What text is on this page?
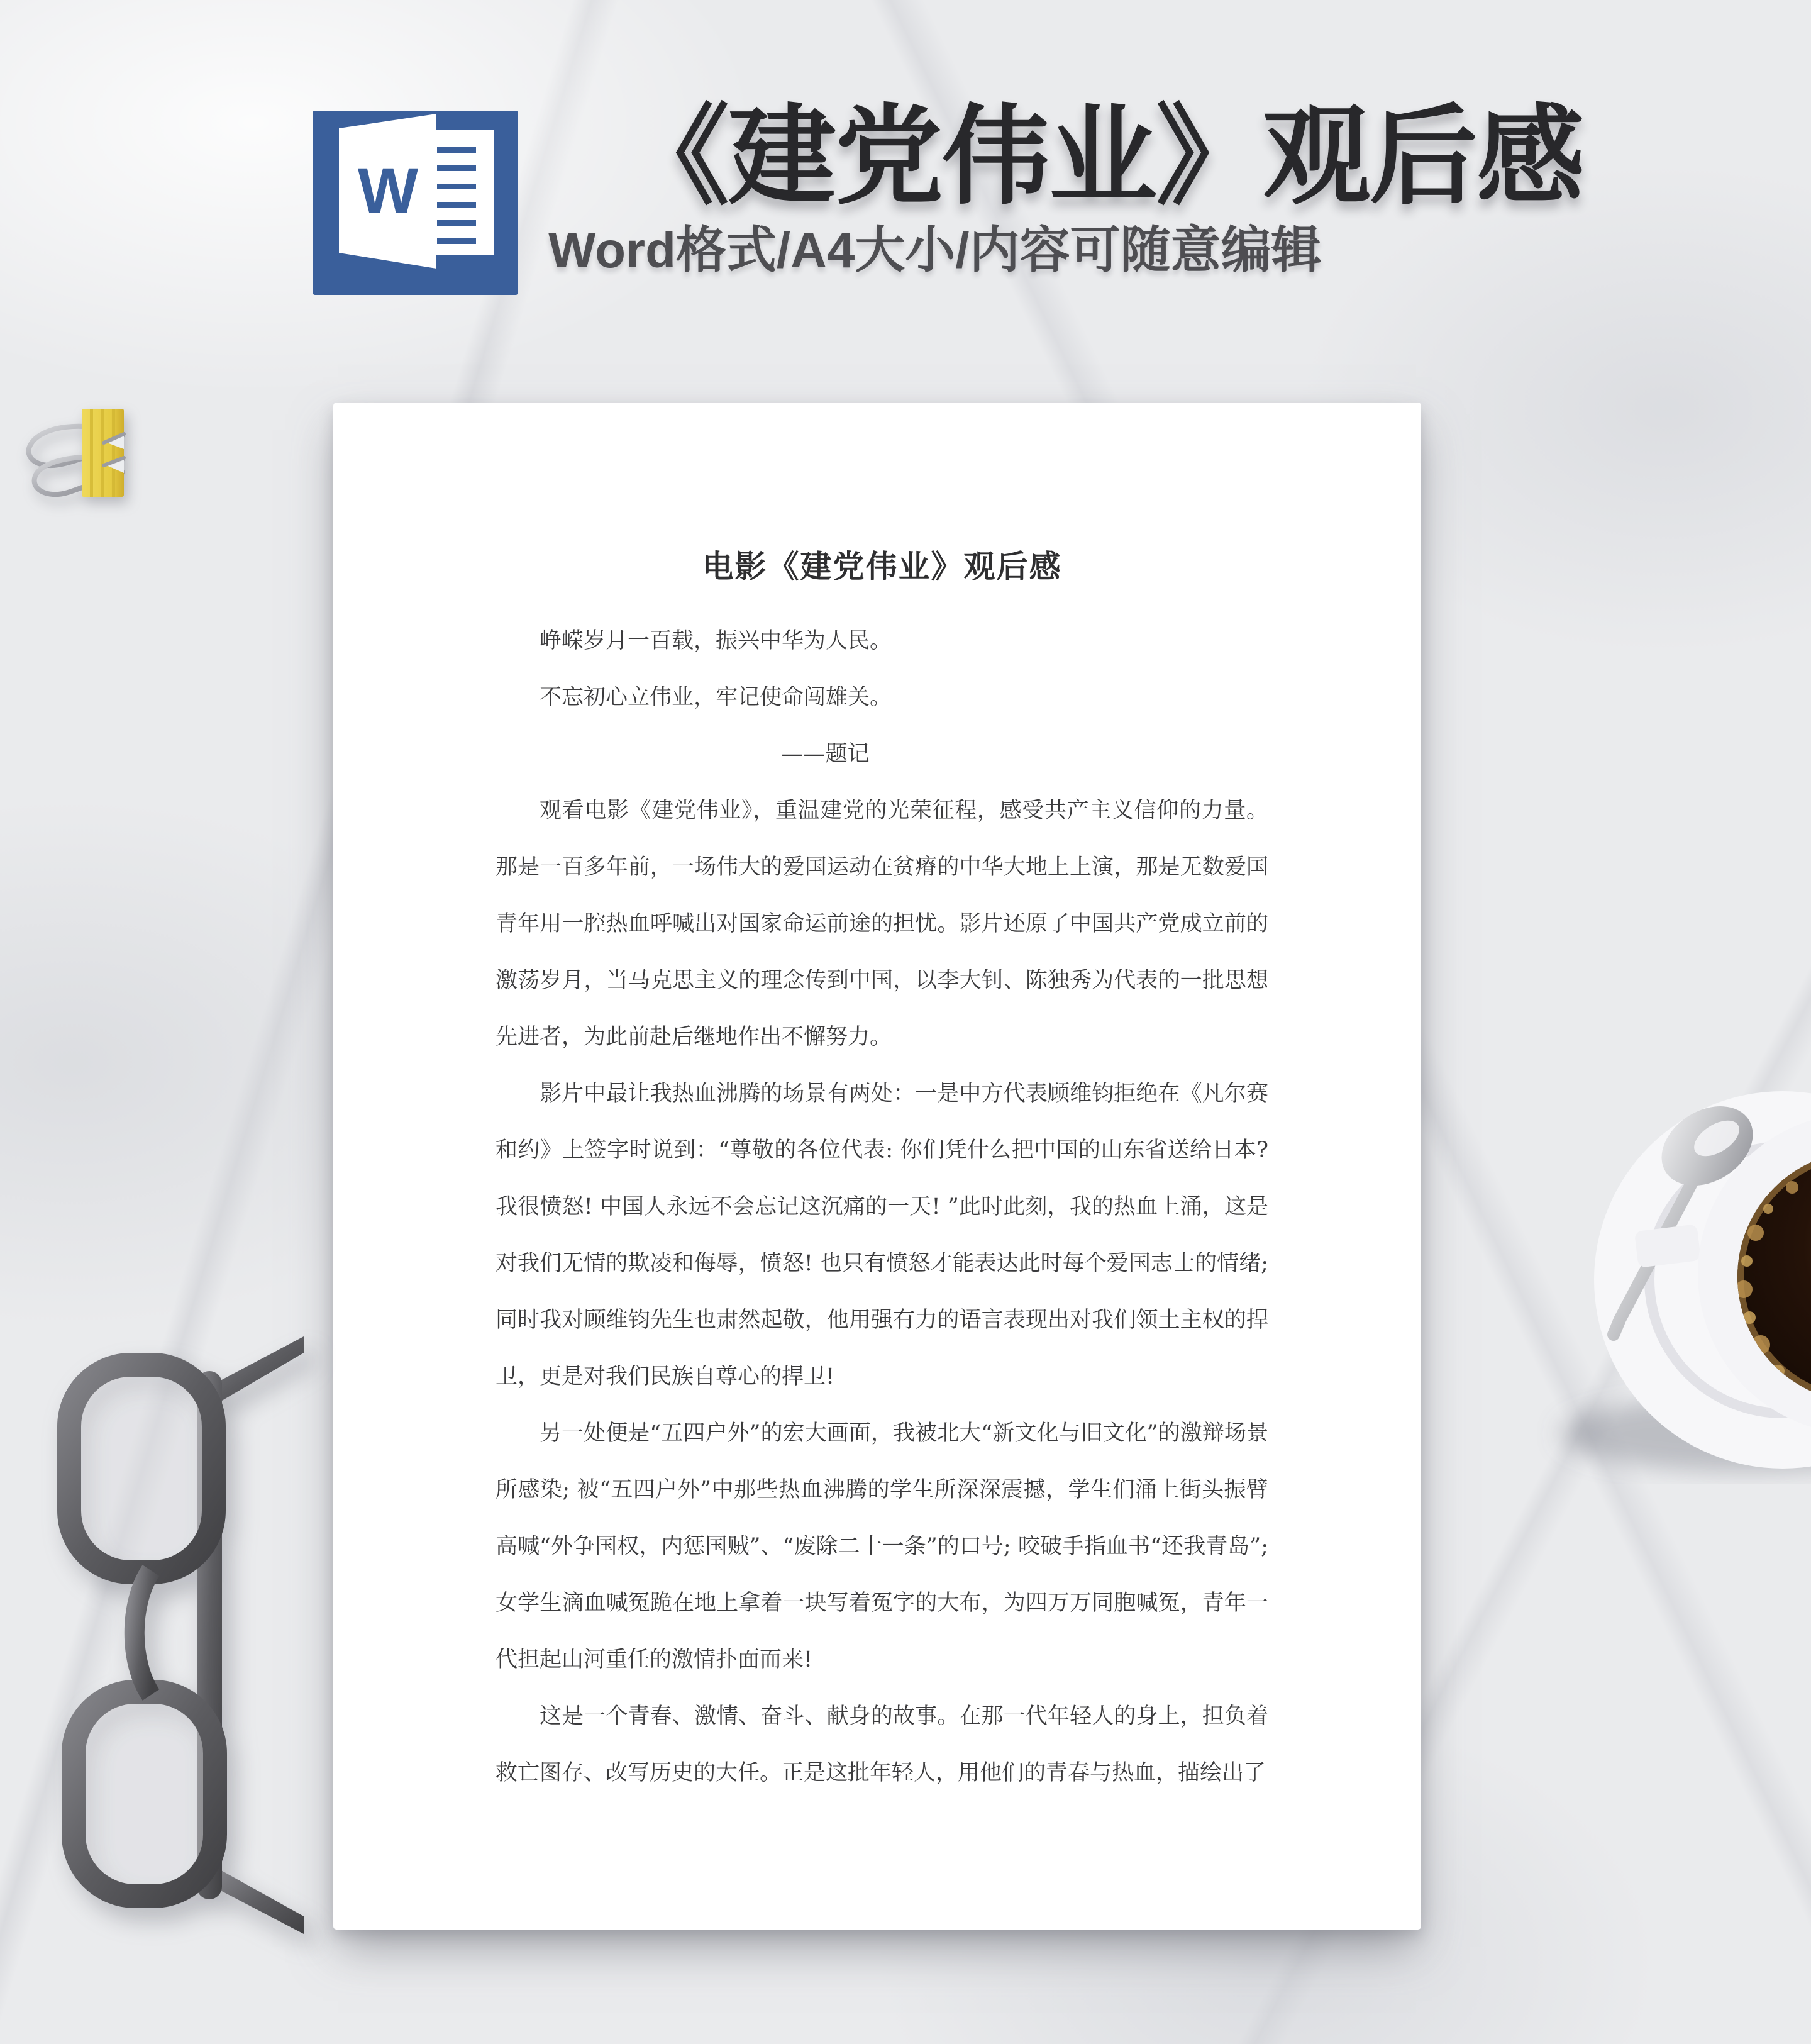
W 《建党伟业》观后感
Word格式/A4大小/内容可随意编辑
电影《建党伟业》观后感
峥嵘岁月一百载，振兴中华为人民。
不忘初心立伟业，牢记使命闯雄关。
——题记

观看电影《建党伟业》，重温建党的光荣征程，感受共产主义信仰的力量。那是一百多年前，一场伟大的爱国运动在贫瘠的中华大地上上演，那是无数爱国青年用一腔热血呼喊出对国家命运前途的担忧。影片还原了中国共产党成立前的激荡岁月，当马克思主义的理念传到中国，以李大钊、陈独秀为代表的一批思想先进者，为此前赴后继地作出不懈努力。

影片中最让我热血沸腾的场景有两处：一是中方代表顾维钧拒绝在《凡尔赛和约》上签字时说到：“尊敬的各位代表: 你们凭什么把中国的山东省送给日本? 我很愤怒! 中国人永远不会忘记这沉痛的一天! ”此时此刻，我的热血上涌，这是对我们无情的欺凌和侮辱，愤怒! 也只有愤怒才能表达此时每个爱国志士的情绪; 同时我对顾维钧先生也肃然起敬，他用强有力的语言表现出对我们领土主权的捍卫，更是对我们民族自尊心的捍卫!

另一处便是“五四户外”的宏大画面，我被北大“新文化与旧文化”的激辩场景所感染; 被“五四户外”中那些热血沸腾的学生所深深震撼，学生们涌上街头振臂高喊“外争国权，内惩国贼”、“废除二十一条”的口号; 咬破手指血书“还我青岛”; 女学生滴血喊冤跪在地上拿着一块写着冤字的大布，为四万万同胞喊冤，青年一代担起山河重任的激情扑面而来!

这是一个青春、激情、奋斗、献身的故事。在那一代年轻人的身上，担负着救亡图存、改写历史的大任。正是这批年轻人，用他们的青春与热血，描绘出了
